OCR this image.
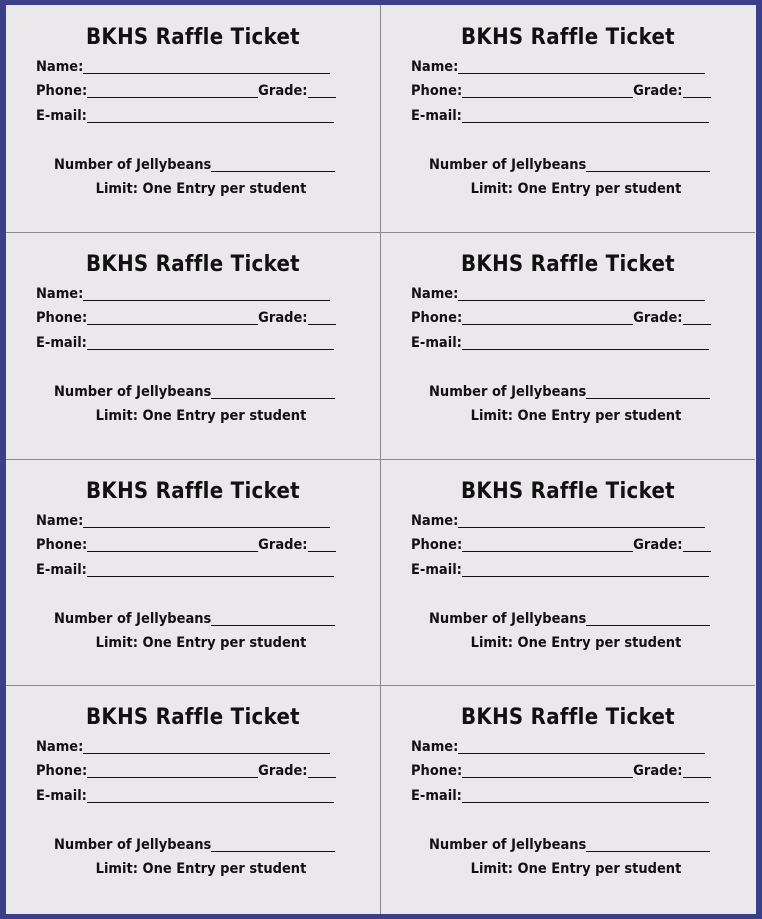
BKHS Raffle Ticket
Name:
Phone:	Grade:
E-mail:
Number of Jellybeans
Limit: One Entry per student
BKHS Raffle Ticket
Name:
Phone:	Grade:
E-mail:
Number of Jellybeans
Limit: One Entry per student
BKHS Raffle Ticket
Name:
Phone:	Grade:
E-mail:
Number of Jellybeans
Limit: One Entry per student
BKHS Raffle Ticket
Name:
Phone:	Grade:
E-mail:
Number of Jellybeans
Limit: One Entry per student
BKHS Raffle Ticket
Name:
Phone:	Grade:
E-mail:
Number of Jellybeans
Limit: One Entry per student
BKHS Raffle Ticket
Name:
Phone:	Grade:
E-mail:
Number of Jellybeans
Limit: One Entry per student
BKHS Raffle Ticket
Name:
Phone:	Grade:
E-mail:
Number of Jellybeans
Limit: One Entry per student
BKHS Raffle Ticket
Name:
Phone:	Grade:
E-mail:
Number of Jellybeans
Limit: One Entry per student
